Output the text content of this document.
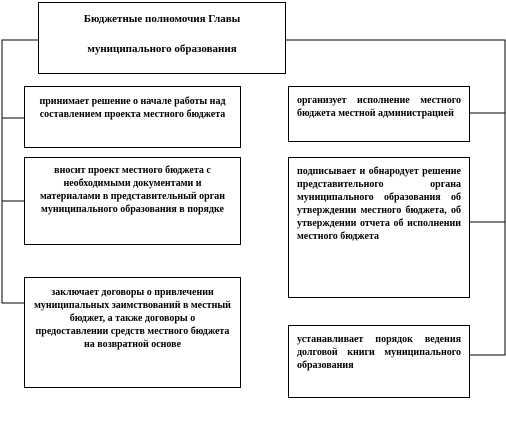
Бюджетные полномочия Главы
муниципального образования
принимает решение о начале работы над составлением проекта местного бюджета
вносит проект местного бюджета с необходимыми документами и материалами в представительный орган муниципального образования в порядке
заключает договоры о привлечении муниципальных заимствований в местный бюджет, а также договоры о предоставлении средств местного бюджета на возвратной основе
организует исполнение местного бюджета местной администрацией
подписывает и обнародует решение представительного органа муниципального образования об утверждении местного бюджета, об утверждении отчета об исполнении местного бюджета
устанавливает порядок ведения долговой книги муниципального образования
